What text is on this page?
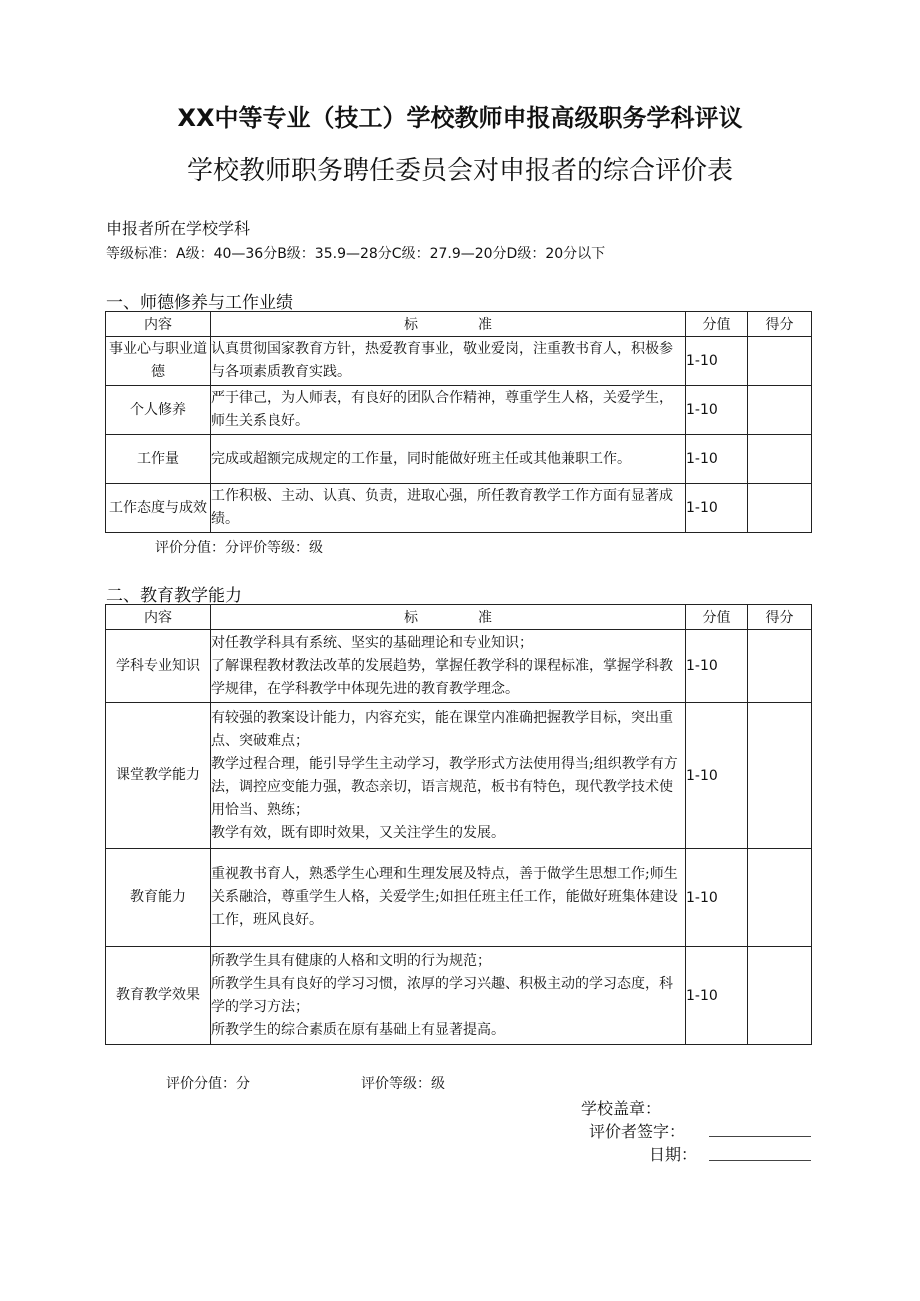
XX中等专业（技工）学校教师申报高级职务学科评议
学校教师职务聘任委员会对申报者的综合评价表
申报者所在学校学科
等级标准：A级：40—36分B级：35.9—28分C级：27.9—20分D级：20分以下
一、师德修养与工作业绩
内容	标准	分值	得分
事业心与职业道德	认真贯彻国家教育方针，热爱教育事业，敬业爱岗，注重教书育人，积极参与各项素质教育实践。	1-10	
个人修养	严于律己，为人师表，有良好的团队合作精神，尊重学生人格，关爱学生，师生关系良好。	1-10	
工作量	完成或超额完成规定的工作量，同时能做好班主任或其他兼职工作。	1-10	
工作态度与成效	工作积极、主动、认真、负责，进取心强，所任教育教学工作方面有显著成绩。	1-10	
评价分值：分评价等级：级
二、教育教学能力
内容	标准	分值	得分
学科专业知识	对任教学科具有系统、坚实的基础理论和专业知识；
了解课程教材教法改革的发展趋势，掌握任教学科的课程标准，掌握学科教学规律，在学科教学中体现先进的教育教学理念。	1-10	
课堂教学能力	有较强的教案设计能力，内容充实，能在课堂内准确把握教学目标，突出重点、突破难点；
教学过程合理，能引导学生主动学习，教学形式方法使用得当;组织教学有方法，调控应变能力强，教态亲切，语言规范，板书有特色，现代教学技术使用恰当、熟练；
教学有效，既有即时效果，又关注学生的发展。	1-10	
教育能力	重视教书育人，熟悉学生心理和生理发展及特点，善于做学生思想工作;师生关系融洽，尊重学生人格，关爱学生;如担任班主任工作，能做好班集体建设工作，班风良好。	1-10	
教育教学效果	所教学生具有健康的人格和文明的行为规范；
所教学生具有良好的学习习惯，浓厚的学习兴趣、积极主动的学习态度，科学的学习方法；
所教学生的综合素质在原有基础上有显著提高。	1-10	
评价分值：分	评价等级：级
学校盖章：
评价者签字：
日期：
